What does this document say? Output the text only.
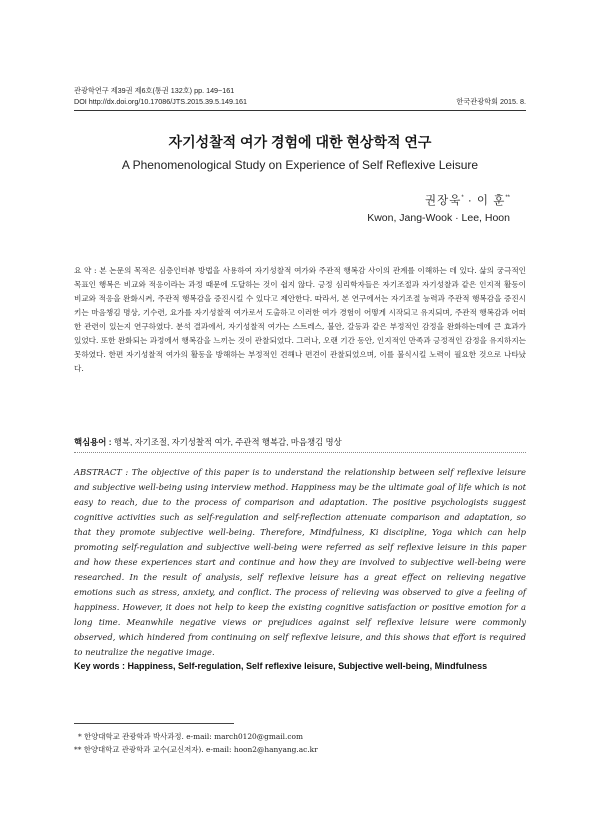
관광학연구 제39권 제6호(통권 132호) pp. 149~161
DOI http://dx.doi.org/10.17086/JTS.2015.39.5.149.161	한국관광학회 2015. 8.
자기성찰적 여가 경험에 대한 현상학적 연구
A Phenomenological Study on Experience of Self Reflexive Leisure
권장욱* · 이 훈**
Kwon, Jang-Wook · Lee, Hoon
요 약 : 본 논문의 목적은 심층인터뷰 방법을 사용하여 자기성찰적 여가와 주관적 행복감 사이의 관계를 이해하는 데 있다. 삶의 궁극적인 목표인 행복은 비교와 적응이라는 과정 때문에 도달하는 것이 쉽지 않다. 긍정 심리학자들은 자기조절과 자기성찰과 같은 인지적 활동이 비교와 적응을 완화시켜, 주관적 행복감을 증진시킬 수 있다고 제안한다. 따라서, 본 연구에서는 자기조절 능력과 주관적 행복감을 증진시키는 마음챙김 명상, 기수련, 요가를 자기성찰적 여가로서 도출하고 이러한 여가 경험이 어떻게 시작되고 유지되며, 주관적 행복감과 어떠한 관련이 있는지 연구하였다. 분석 결과에서, 자기성찰적 여가는 스트레스, 불안, 갈등과 같은 부정적인 감정을 완화하는데에 큰 효과가 있었다. 또한 완화되는 과정에서 행복감을 느끼는 것이 관찰되었다. 그러나, 오랜 기간 동안, 인지적인 만족과 긍정적인 감정을 유지하지는 못하였다. 한편 자기성찰적 여가의 활동을 방해하는 부정적인 견해나 편견이 관찰되었으며, 이를 불식시킬 노력이 필요한 것으로 나타났다.
핵심용어 : 행복, 자기조절, 자기성찰적 여가, 주관적 행복감, 마음챙김 명상
ABSTRACT : The objective of this paper is to understand the relationship between self reflexive leisure and subjective well-being using interview method. Happiness may be the ultimate goal of life which is not easy to reach, due to the process of comparison and adaptation. The positive psychologists suggest cognitive activities such as self-regulation and self-reflection attenuate comparison and adaptation, so that they promote subjective well-being. Therefore, Mindfulness, Ki discipline, Yoga which can help promoting self-regulation and subjective well-being were referred as self reflexive leisure in this paper and how these experiences start and continue and how they are involved to subjective well-being were researched. In the result of analysis, self reflexive leisure has a great effect on relieving negative emotions such as stress, anxiety, and conflict. The process of relieving was observed to give a feeling of happiness. However, it does not help to keep the existing cognitive satisfaction or positive emotion for a long time. Meanwhile negative views or prejudices against self reflexive leisure were commonly observed, which hindered from continuing on self reflexive leisure, and this shows that effort is required to neutralize the negative image.
Key words : Happiness, Self-regulation, Self reflexive leisure, Subjective well-being, Mindfulness
* 한양대학교 관광학과 박사과정. e-mail: march0120@gmail.com
** 한양대학교 관광학과 교수(교신저자). e-mail: hoon2@hanyang.ac.kr
